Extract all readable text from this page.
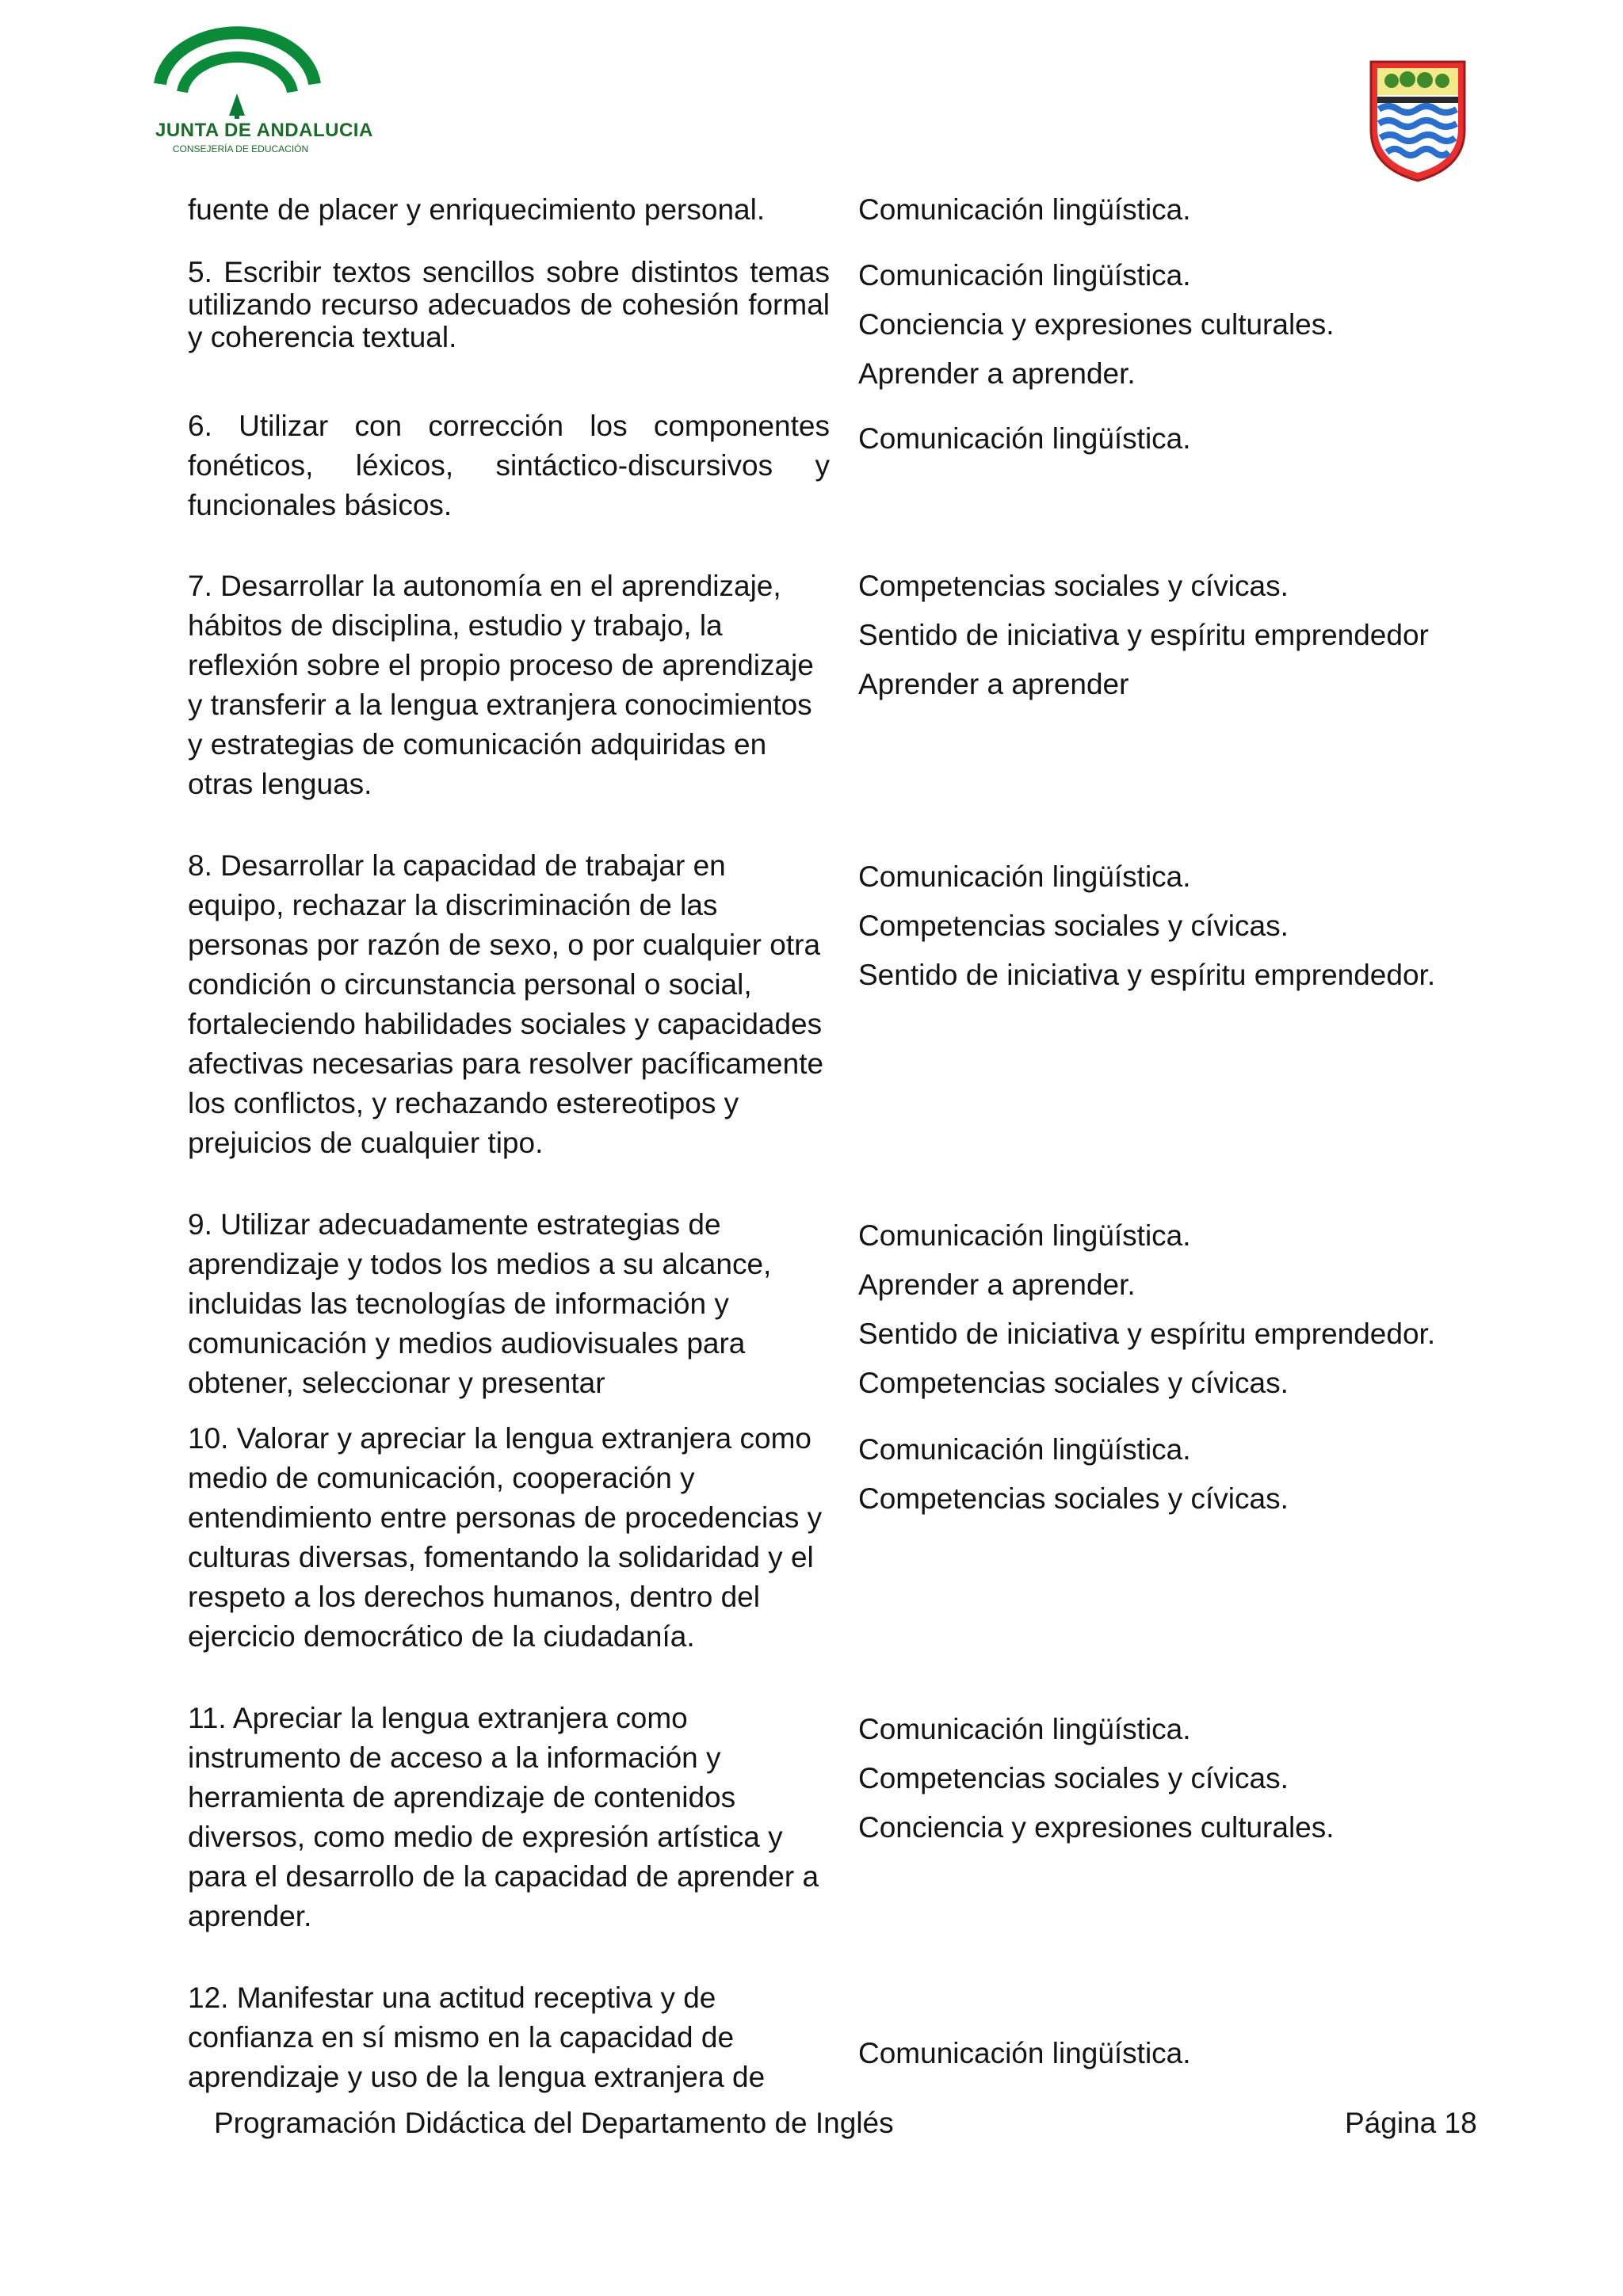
JUNTA DE ANDALUCIA
CONSEJERÍA DE EDUCACIÓN
fuente de placer y enriquecimiento personal.	Comunicación lingüística.
5. Escribir textos sencillos sobre distintos temas utilizando recurso adecuados de cohesión formal y coherencia textual.
Comunicación lingüística.
Conciencia y expresiones culturales.
Aprender a aprender.
6. Utilizar con corrección los componentes fonéticos, léxicos, sintáctico-discursivos y funcionales básicos.
Comunicación lingüística.
7. Desarrollar la autonomía en el aprendizaje, hábitos de disciplina, estudio y trabajo, la reflexión sobre el propio proceso de aprendizaje y transferir a la lengua extranjera conocimientos y estrategias de comunicación adquiridas en otras lenguas.
Competencias sociales y cívicas.
Sentido de iniciativa y espíritu emprendedor
Aprender a aprender
8. Desarrollar la capacidad de trabajar en equipo, rechazar la discriminación de las personas por razón de sexo, o por cualquier otra condición o circunstancia personal o social, fortaleciendo habilidades sociales y capacidades afectivas necesarias para resolver pacíficamente los conflictos, y rechazando estereotipos y prejuicios de cualquier tipo.
Comunicación lingüística.
Competencias sociales y cívicas.
Sentido de iniciativa y espíritu emprendedor.
9. Utilizar adecuadamente estrategias de aprendizaje y todos los medios a su alcance, incluidas las tecnologías de información y comunicación y medios audiovisuales para obtener, seleccionar y presentar
Comunicación lingüística.
Aprender a aprender.
Sentido de iniciativa y espíritu emprendedor.
Competencias sociales y cívicas.
10. Valorar y apreciar la lengua extranjera como medio de comunicación, cooperación y entendimiento entre personas de procedencias y culturas diversas, fomentando la solidaridad y el respeto a los derechos humanos, dentro del ejercicio democrático de la ciudadanía.
Comunicación lingüística.
Competencias sociales y cívicas.
11. Apreciar la lengua extranjera como instrumento de acceso a la información y herramienta de aprendizaje de contenidos diversos, como medio de expresión artística y para el desarrollo de la capacidad de aprender a aprender.
Comunicación lingüística.
Competencias sociales y cívicas.
Conciencia y expresiones culturales.
12. Manifestar una actitud receptiva y de confianza en sí mismo en la capacidad de aprendizaje y uso de la lengua extranjera de
Comunicación lingüística.
Programación Didáctica del Departamento de Inglés	Página 18
